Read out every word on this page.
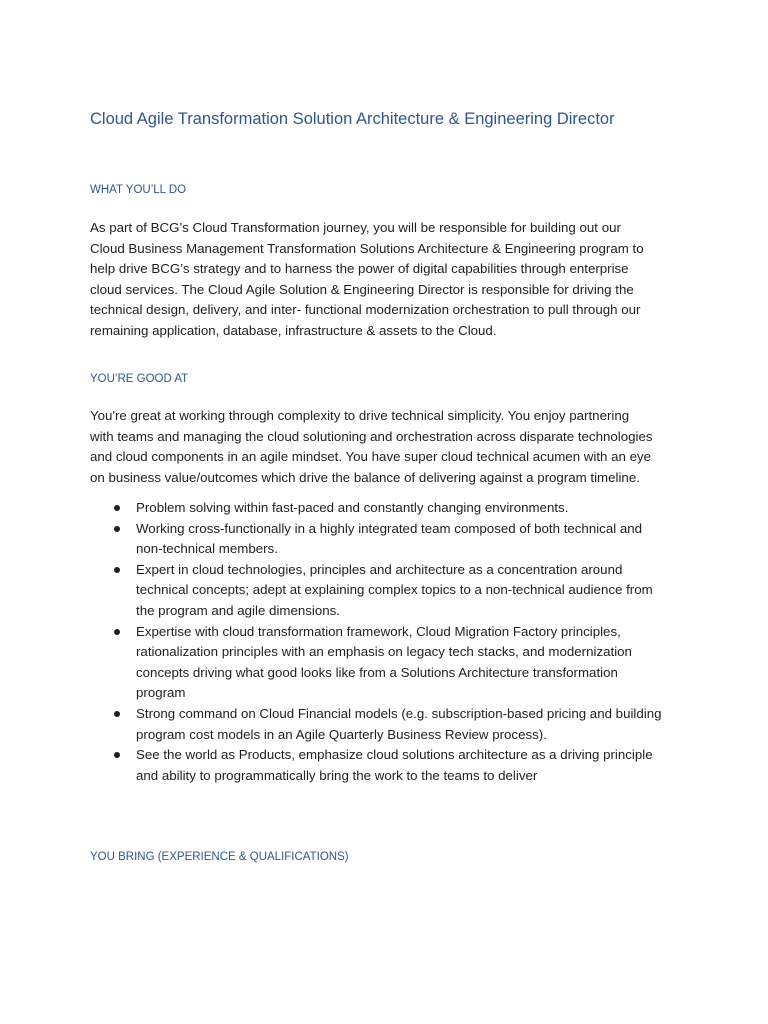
Cloud Agile Transformation Solution Architecture & Engineering Director
WHAT YOU’LL DO

As part of BCG’s Cloud Transformation journey, you will be responsible for building out our
Cloud Business Management Transformation Solutions Architecture & Engineering program to
help drive BCG’s strategy and to harness the power of digital capabilities through enterprise
cloud services. The Cloud Agile Solution & Engineering Director is responsible for driving the
technical design, delivery, and inter- functional modernization orchestration to pull through our
remaining application, database, infrastructure & assets to the Cloud.

YOU’RE GOOD AT

You're great at working through complexity to drive technical simplicity. You enjoy partnering
with teams and managing the cloud solutioning and orchestration across disparate technologies
and cloud components in an agile mindset. You have super cloud technical acumen with an eye
on business value/outcomes which drive the balance of delivering against a program timeline.

Problem solving within fast-paced and constantly changing environments.
Working cross-functionally in a highly integrated team composed of both technical and
non-technical members.
Expert in cloud technologies, principles and architecture as a concentration around
technical concepts; adept at explaining complex topics to a non-technical audience from
the program and agile dimensions.
Expertise with cloud transformation framework, Cloud Migration Factory principles,
rationalization principles with an emphasis on legacy tech stacks, and modernization
concepts driving what good looks like from a Solutions Architecture transformation
program
Strong command on Cloud Financial models (e.g. subscription-based pricing and building
program cost models in an Agile Quarterly Business Review process).
See the world as Products, emphasize cloud solutions architecture as a driving principle
and ability to programmatically bring the work to the teams to deliver
YOU BRING (EXPERIENCE & QUALIFICATIONS)
